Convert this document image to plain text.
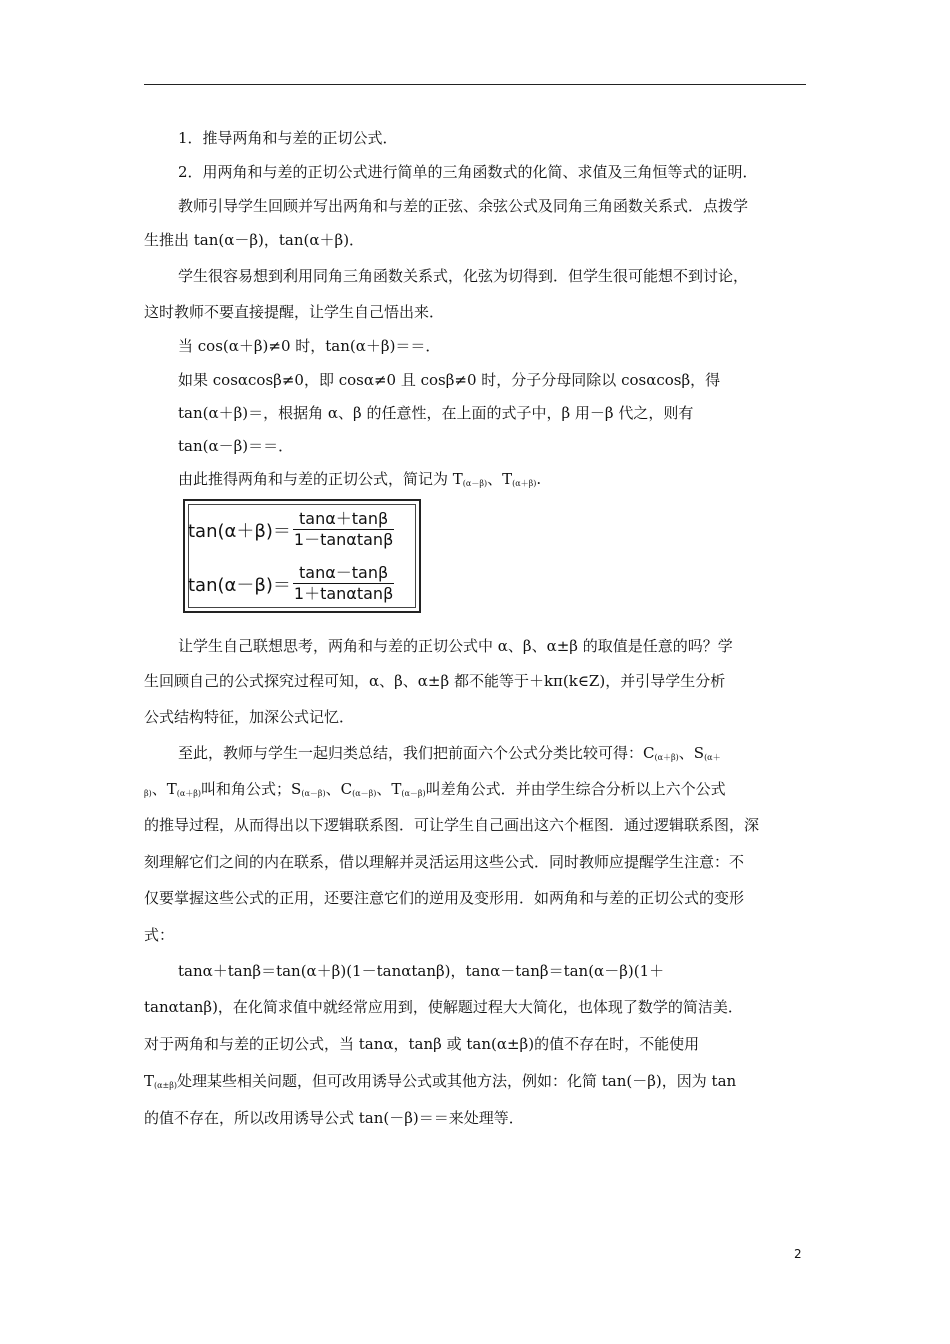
1．推导两角和与差的正切公式．
2．用两角和与差的正切公式进行简单的三角函数式的化简、求值及三角恒等式的证明．
教师引导学生回顾并写出两角和与差的正弦、余弦公式及同角三角函数关系式．点拨学
生推出 tan(α－β)，tan(α＋β)．
学生很容易想到利用同角三角函数关系式，化弦为切得到．但学生很可能想不到讨论，
这时教师不要直接提醒，让学生自己悟出来．
当 cos(α＋β)≠0 时，tan(α＋β)＝＝．
如果 cosαcosβ≠0，即 cosα≠0 且 cosβ≠0 时，分子分母同除以 cosαcosβ，得
tan(α＋β)＝，根据角 α、β 的任意性，在上面的式子中，β 用－β 代之，则有
tan(α－β)＝＝．
由此推得两角和与差的正切公式，简记为 $T_{(\alpha-\beta)}$、$T_{(\alpha+\beta)}$.
$\tan(\alpha+\beta)= \frac{\tan\alpha+\tan\beta}{1-\tan\alpha\tan\beta}$
$\tan(\alpha-\beta)= \frac{\tan\alpha-\tan\beta}{1+\tan\alpha\tan\beta}$
让学生自己联想思考，两角和与差的正切公式中 α、β、α±β 的取值是任意的吗？学
生回顾自己的公式探究过程可知，α、β、α±β 都不能等于＋kπ(k∈Z)，并引导学生分析
公式结构特征，加深公式记忆．
至此，教师与学生一起归类总结，我们把前面六个公式分类比较可得：$C_{(\alpha+\beta)}$、$S_{(\alpha+}$
$_{\beta)}$、$T_{(\alpha+\beta)}$叫和角公式；$S_{(\alpha-\beta)}$、$C_{(\alpha-\beta)}$、$T_{(\alpha-\beta)}$叫差角公式．并由学生综合分析以上六个公式
的推导过程，从而得出以下逻辑联系图．可让学生自己画出这六个框图．通过逻辑联系图，深
刻理解它们之间的内在联系，借以理解并灵活运用这些公式．同时教师应提醒学生注意：不
仅要掌握这些公式的正用，还要注意它们的逆用及变形用．如两角和与差的正切公式的变形
式：
tanα＋tanβ＝tan(α＋β)(1－tanαtanβ)，tanα－tanβ＝tan(α－β)(1＋
tanαtanβ)，在化简求值中就经常应用到，使解题过程大大简化，也体现了数学的简洁美．
对于两角和与差的正切公式，当 tanα，tanβ 或 tan(α±β)的值不存在时，不能使用
$T_{(\alpha\pm\beta)}$处理某些相关问题，但可改用诱导公式或其他方法，例如：化简 tan(－β)，因为 tan
的值不存在，所以改用诱导公式 tan(－β)＝＝来处理等．
2
